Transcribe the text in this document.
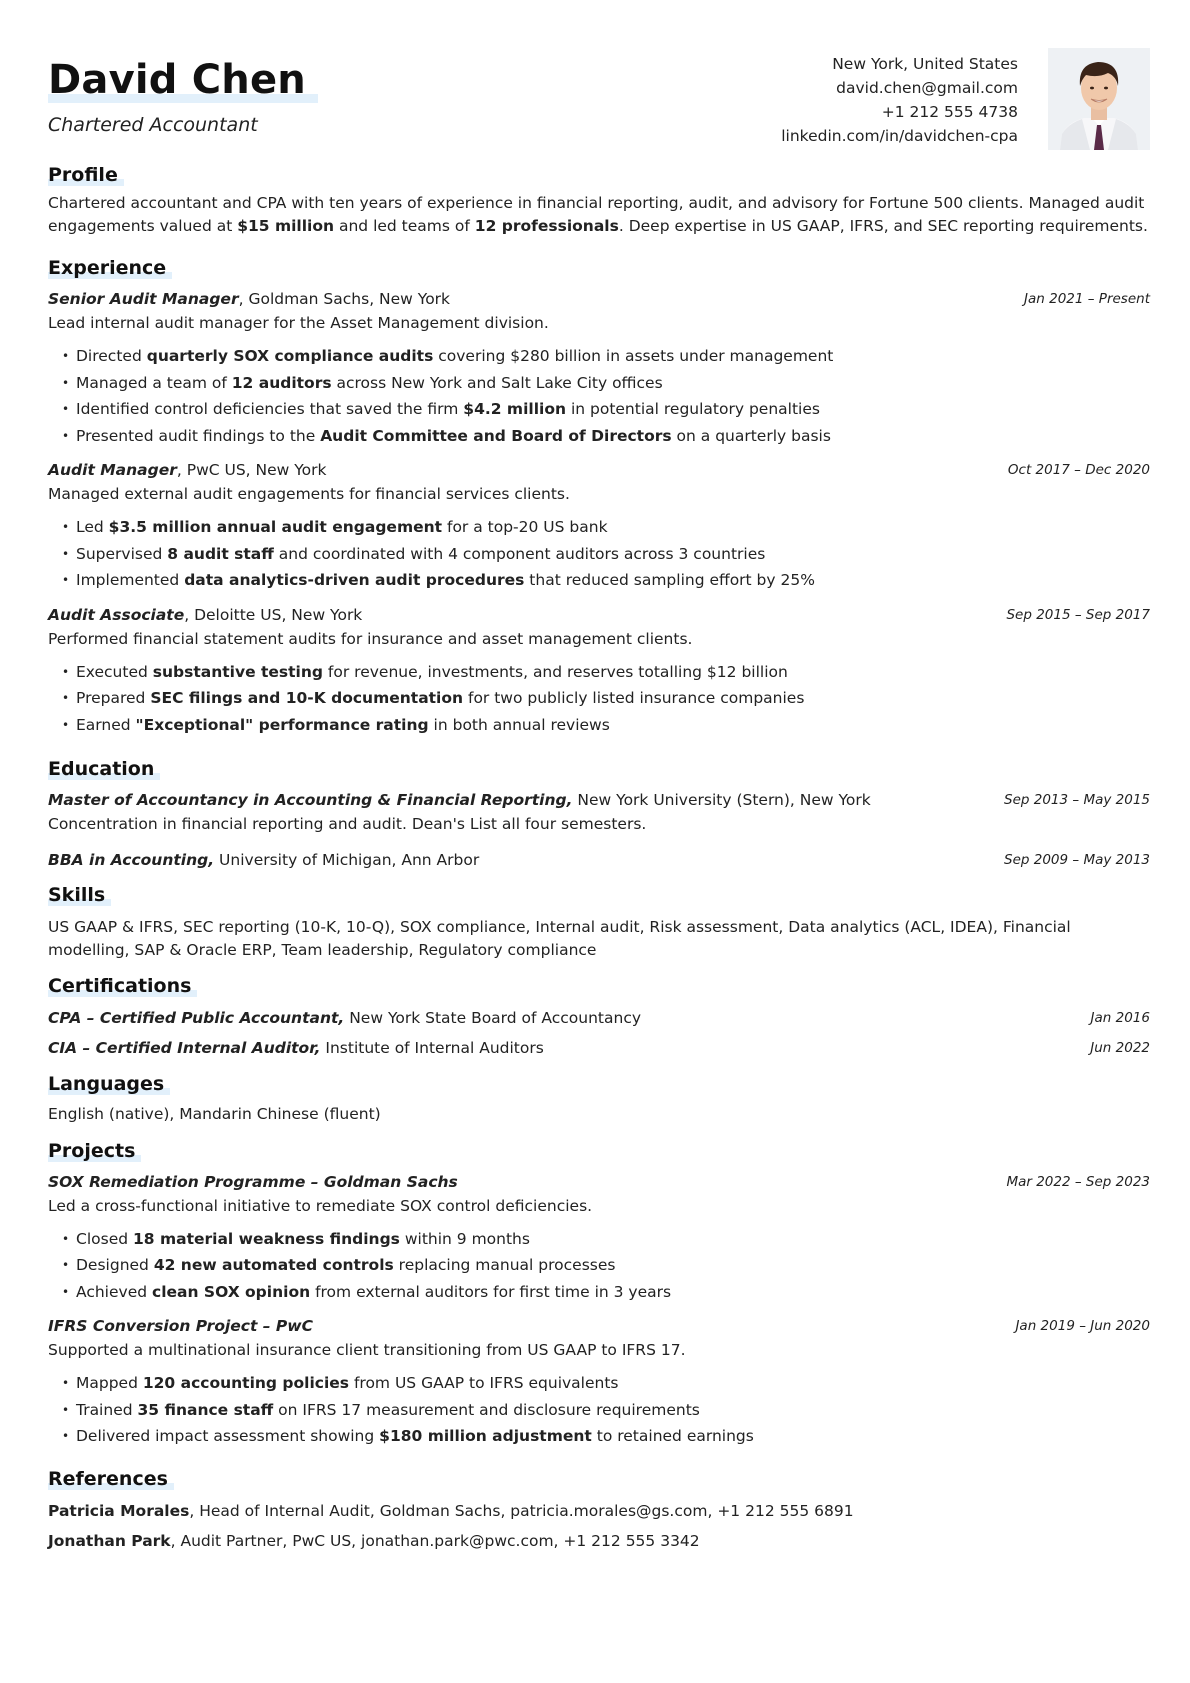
David Chen
Chartered Accountant
New York, United States
david.chen@gmail.com
+1 212 555 4738
linkedin.com/in/davidchen-cpa
Profile
Chartered accountant and CPA with ten years of experience in financial reporting, audit, and advisory for Fortune 500 clients. Managed audit engagements valued at $15 million and led teams of 12 professionals. Deep expertise in US GAAP, IFRS, and SEC reporting requirements.
Experience
Senior Audit Manager, Goldman Sachs, New York	Jan 2021 – Present
Lead internal audit manager for the Asset Management division.
• Directed quarterly SOX compliance audits covering $280 billion in assets under management
• Managed a team of 12 auditors across New York and Salt Lake City offices
• Identified control deficiencies that saved the firm $4.2 million in potential regulatory penalties
• Presented audit findings to the Audit Committee and Board of Directors on a quarterly basis
Audit Manager, PwC US, New York	Oct 2017 – Dec 2020
Managed external audit engagements for financial services clients.
• Led $3.5 million annual audit engagement for a top-20 US bank
• Supervised 8 audit staff and coordinated with 4 component auditors across 3 countries
• Implemented data analytics-driven audit procedures that reduced sampling effort by 25%
Audit Associate, Deloitte US, New York	Sep 2015 – Sep 2017
Performed financial statement audits for insurance and asset management clients.
• Executed substantive testing for revenue, investments, and reserves totalling $12 billion
• Prepared SEC filings and 10-K documentation for two publicly listed insurance companies
• Earned "Exceptional" performance rating in both annual reviews
Education
Master of Accountancy in Accounting & Financial Reporting, New York University (Stern), New York	Sep 2013 – May 2015
Concentration in financial reporting and audit. Dean's List all four semesters.
BBA in Accounting, University of Michigan, Ann Arbor	Sep 2009 – May 2013
Skills
US GAAP & IFRS, SEC reporting (10-K, 10-Q), SOX compliance, Internal audit, Risk assessment, Data analytics (ACL, IDEA), Financial modelling, SAP & Oracle ERP, Team leadership, Regulatory compliance
Certifications
CPA – Certified Public Accountant, New York State Board of Accountancy	Jan 2016
CIA – Certified Internal Auditor, Institute of Internal Auditors	Jun 2022
Languages
English (native), Mandarin Chinese (fluent)
Projects
SOX Remediation Programme – Goldman Sachs	Mar 2022 – Sep 2023
Led a cross-functional initiative to remediate SOX control deficiencies.
• Closed 18 material weakness findings within 9 months
• Designed 42 new automated controls replacing manual processes
• Achieved clean SOX opinion from external auditors for first time in 3 years
IFRS Conversion Project – PwC	Jan 2019 – Jun 2020
Supported a multinational insurance client transitioning from US GAAP to IFRS 17.
• Mapped 120 accounting policies from US GAAP to IFRS equivalents
• Trained 35 finance staff on IFRS 17 measurement and disclosure requirements
• Delivered impact assessment showing $180 million adjustment to retained earnings
References
Patricia Morales, Head of Internal Audit, Goldman Sachs, patricia.morales@gs.com, +1 212 555 6891
Jonathan Park, Audit Partner, PwC US, jonathan.park@pwc.com, +1 212 555 3342
